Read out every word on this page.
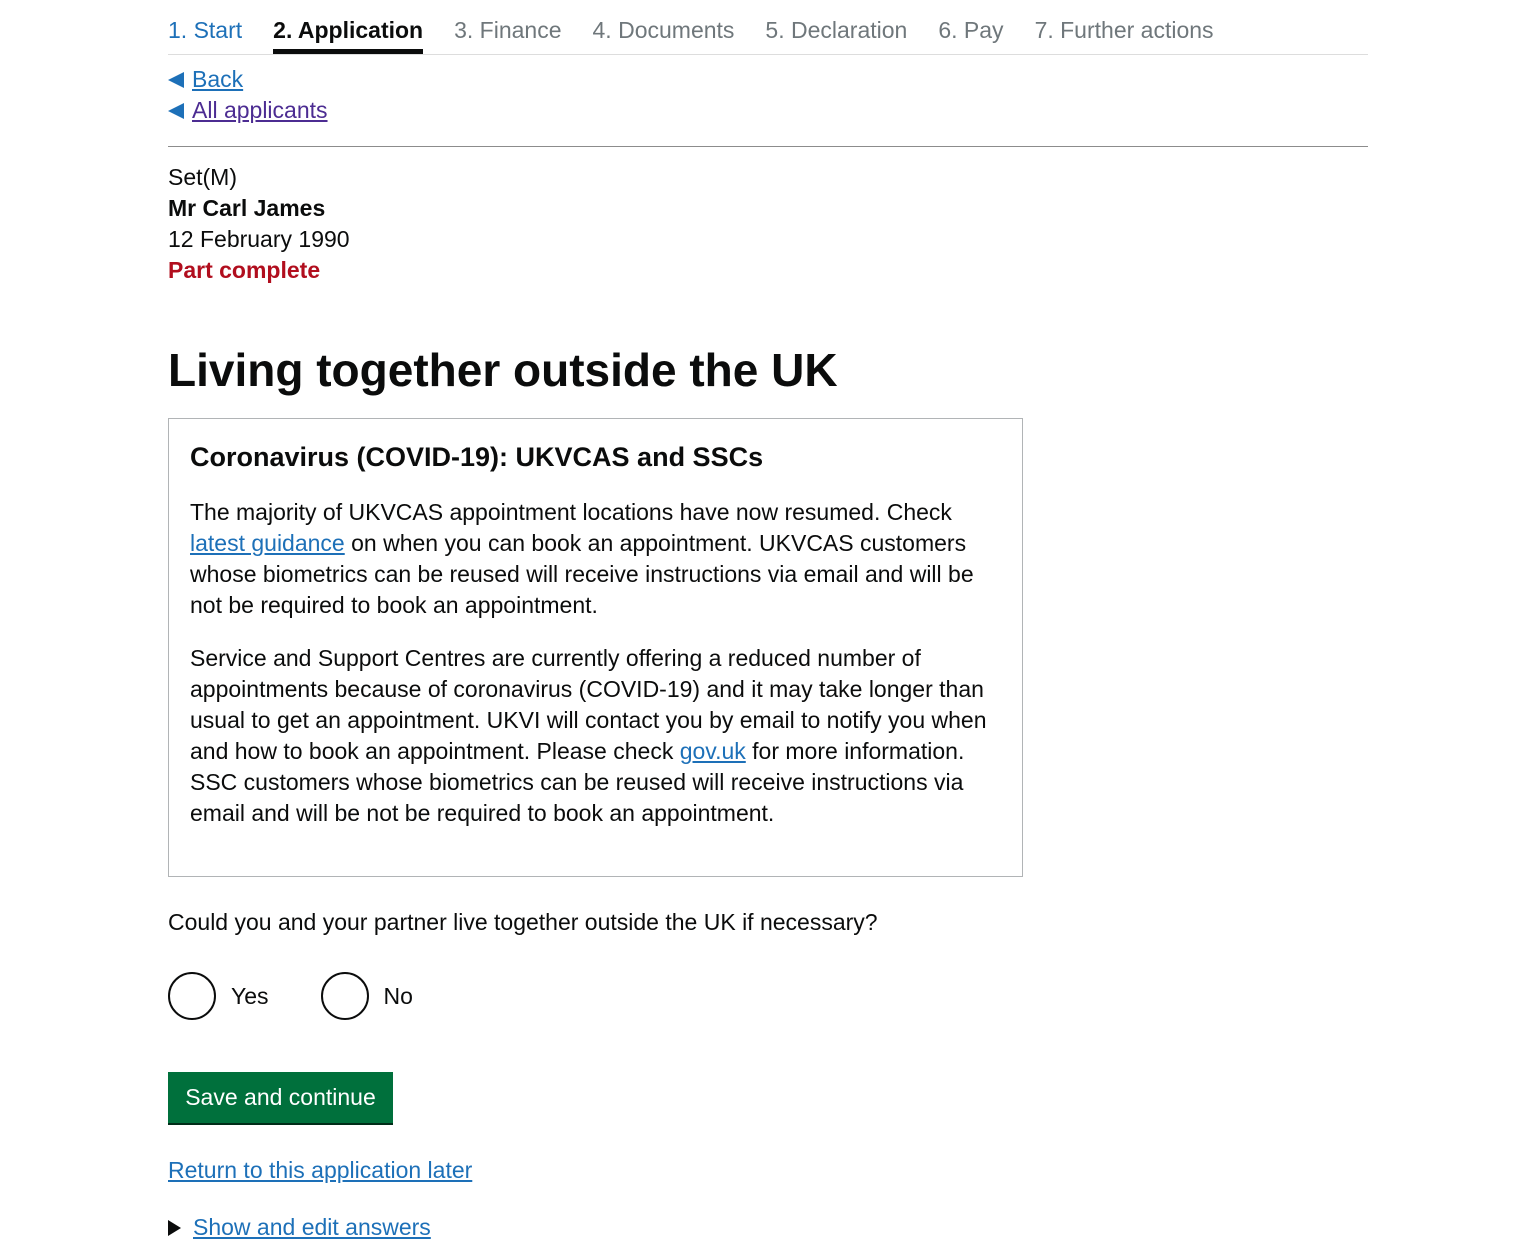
1. Start 2. Application 3. Finance 4. Documents 5. Declaration 6. Pay 7. Further actions
Back
All applicants
Set(M)
Mr Carl James
12 February 1990
Part complete
Living together outside the UK
Coronavirus (COVID-19): UKVCAS and SSCs

The majority of UKVCAS appointment locations have now resumed. Check latest guidance on when you can book an appointment. UKVCAS customers whose biometrics can be reused will receive instructions via email and will be not be required to book an appointment.

Service and Support Centres are currently offering a reduced number of appointments because of coronavirus (COVID-19) and it may take longer than usual to get an appointment. UKVI will contact you by email to notify you when and how to book an appointment. Please check gov.uk for more information. SSC customers whose biometrics can be reused will receive instructions via email and will be not be required to book an appointment.

Could you and your partner live together outside the UK if necessary?
Yes	No
Save and continue
Return to this application later
Show and edit answers
